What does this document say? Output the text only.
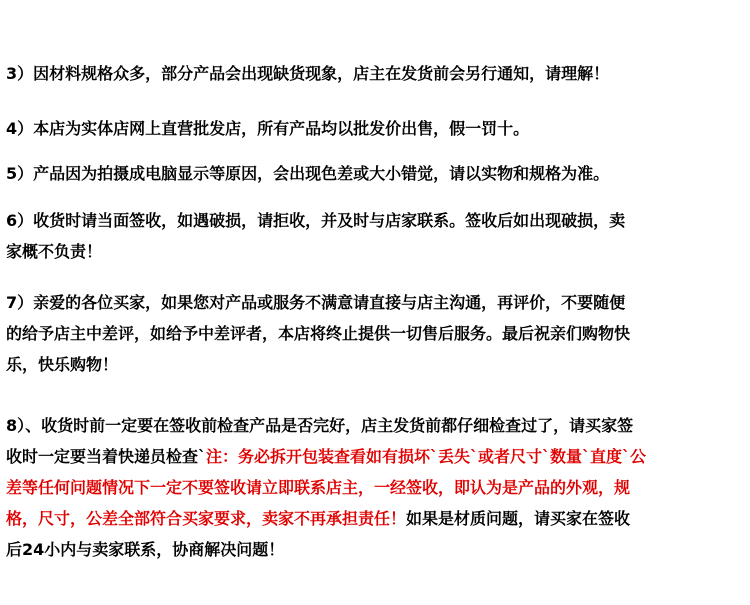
3）因材料规格众多，部分产品会出现缺货现象，店主在发货前会另行通知，请理解！
4）本店为实体店网上直营批发店，所有产品均以批发价出售，假一罚十。
5）产品因为拍摄成电脑显示等原因，会出现色差或大小错觉，请以实物和规格为准。
6）收货时请当面签收，如遇破损，请拒收，并及时与店家联系。签收后如出现破损，卖
家概不负责！
7）亲爱的各位买家，如果您对产品或服务不满意请直接与店主沟通，再评价，不要随便
的给予店主中差评，如给予中差评者，本店将终止提供一切售后服务。最后祝亲们购物快
乐，快乐购物！
8）、收货时前一定要在签收前检查产品是否完好，店主发货前都仔细检查过了，请买家签
收时一定要当着快递员检查`注：务必拆开包装查看如有损坏`丢失`或者尺寸`数量`直度`公
差等任何问题情况下一定不要签收请立即联系店主，一经签收，即认为是产品的外观，规
格，尺寸，公差全部符合买家要求，卖家不再承担责任！如果是材质问题，请买家在签收
后24小内与卖家联系，协商解决问题！
